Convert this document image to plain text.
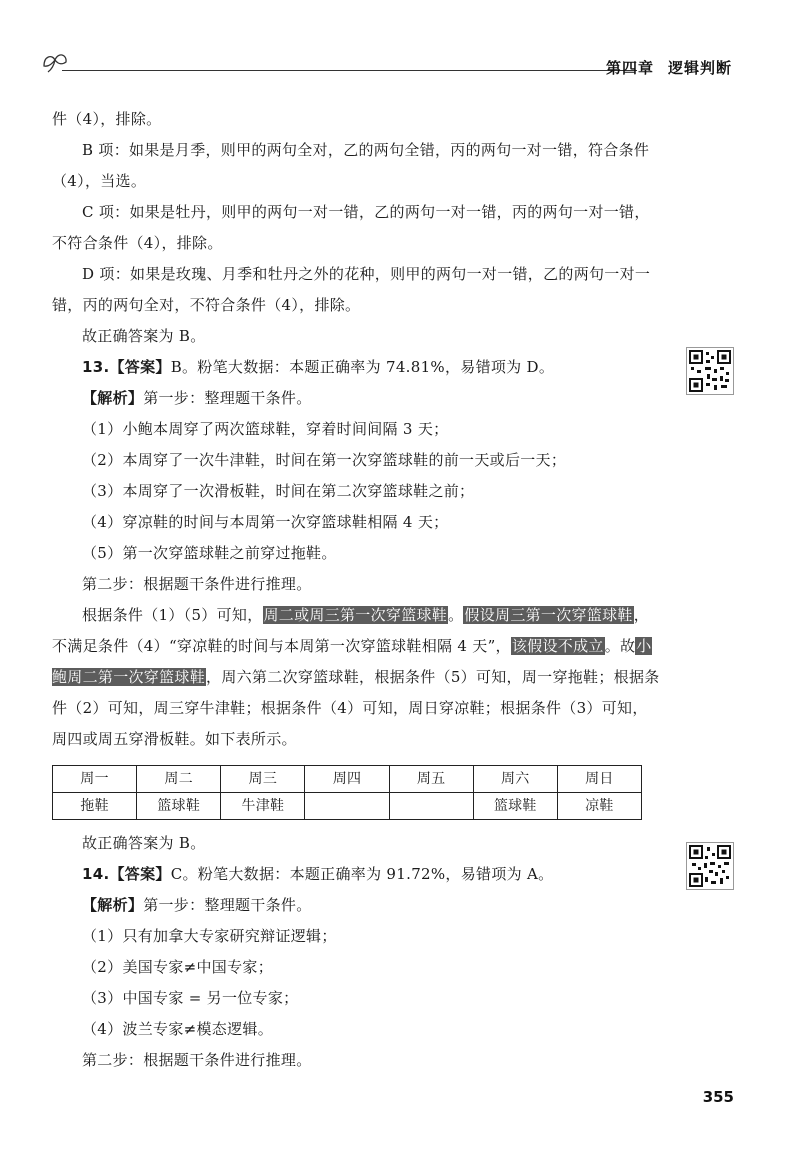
第四章 逻辑判断

件（4），排除。

B 项：如果是月季，则甲的两句全对，乙的两句全错，丙的两句一对一错，符合条件（4），当选。

C 项：如果是牡丹，则甲的两句一对一错，乙的两句一对一错，丙的两句一对一错，不符合条件（4），排除。

D 项：如果是玫瑰、月季和牡丹之外的花种，则甲的两句一对一错，乙的两句一对一错，丙的两句全对，不符合条件（4），排除。

故正确答案为 B。

13.【答案】B。粉笔大数据：本题正确率为 74.81%，易错项为 D。

【解析】第一步：整理题干条件。

（1）小鲍本周穿了两次篮球鞋，穿着时间间隔 3 天；

（2）本周穿了一次牛津鞋，时间在第一次穿篮球鞋的前一天或后一天；

（3）本周穿了一次滑板鞋，时间在第二次穿篮球鞋之前；

（4）穿凉鞋的时间与本周第一次穿篮球鞋相隔 4 天；

（5）第一次穿篮球鞋之前穿过拖鞋。

第二步：根据题干条件进行推理。

根据条件（1）（5）可知，周二或周三第一次穿篮球鞋。假设周三第一次穿篮球鞋，不满足条件（4）“穿凉鞋的时间与本周第一次穿篮球鞋相隔 4 天”，该假设不成立。故小鲍周二第一次穿篮球鞋，周六第二次穿篮球鞋，根据条件（5）可知，周一穿拖鞋；根据条件（2）可知，周三穿牛津鞋；根据条件（4）可知，周日穿凉鞋；根据条件（3）可知，周四或周五穿滑板鞋。如下表所示。

周一	周二	周三	周四	周五	周六	周日
拖鞋	篮球鞋	牛津鞋			篮球鞋	凉鞋

故正确答案为 B。

14.【答案】C。粉笔大数据：本题正确率为 91.72%，易错项为 A。

【解析】第一步：整理题干条件。

（1）只有加拿大专家研究辩证逻辑；

（2）美国专家≠中国专家；

（3）中国专家 = 另一位专家；

（4）波兰专家≠模态逻辑。

第二步：根据题干条件进行推理。

355
